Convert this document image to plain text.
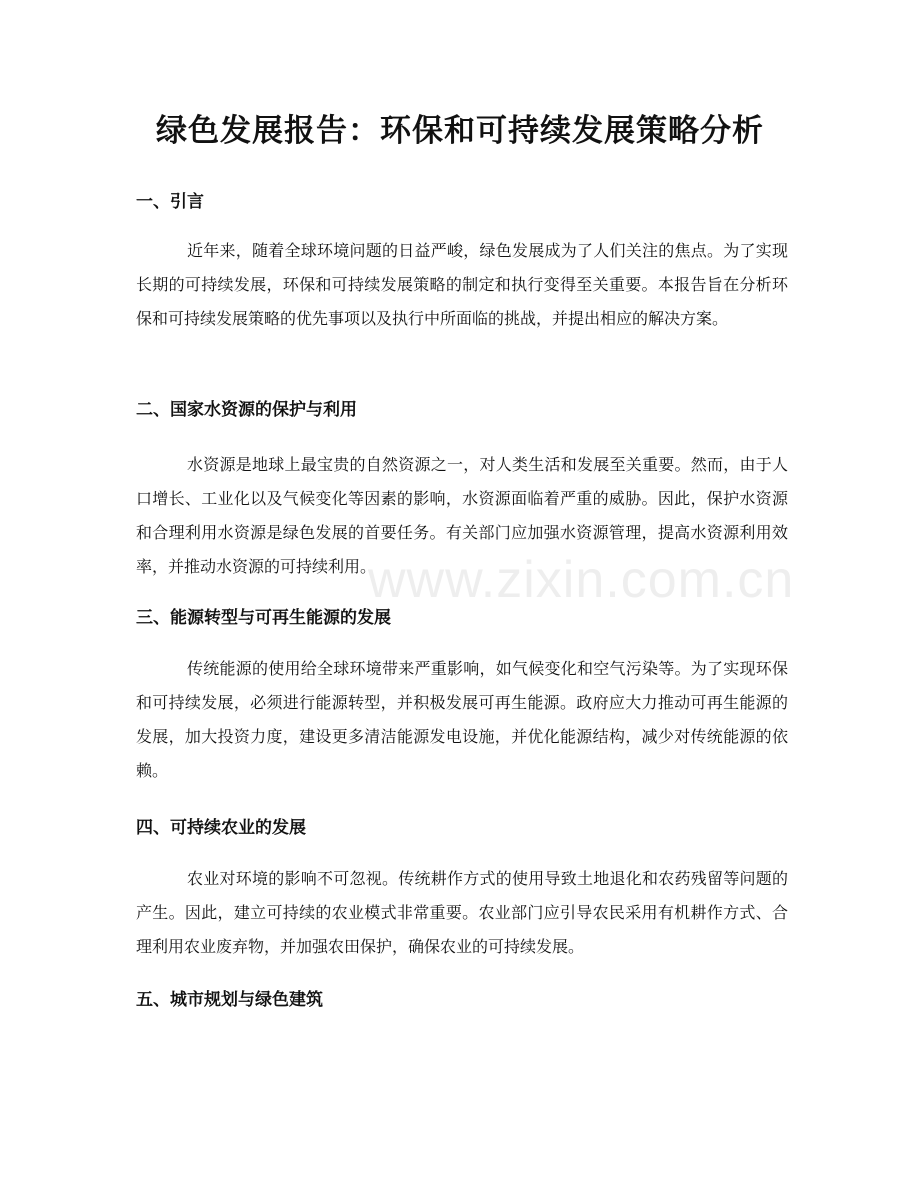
绿色发展报告：环保和可持续发展策略分析
一、引言

近年来，随着全球环境问题的日益严峻，绿色发展成为了人们关注的焦点。为了实现长期的可持续发展，环保和可持续发展策略的制定和执行变得至关重要。本报告旨在分析环保和可持续发展策略的优先事项以及执行中所面临的挑战，并提出相应的解决方案。

二、国家水资源的保护与利用

水资源是地球上最宝贵的自然资源之一，对人类生活和发展至关重要。然而，由于人口增长、工业化以及气候变化等因素的影响，水资源面临着严重的威胁。因此，保护水资源和合理利用水资源是绿色发展的首要任务。有关部门应加强水资源管理，提高水资源利用效率，并推动水资源的可持续利用。

三、能源转型与可再生能源的发展

传统能源的使用给全球环境带来严重影响，如气候变化和空气污染等。为了实现环保和可持续发展，必须进行能源转型，并积极发展可再生能源。政府应大力推动可再生能源的发展，加大投资力度，建设更多清洁能源发电设施，并优化能源结构，减少对传统能源的依赖。

四、可持续农业的发展

农业对环境的影响不可忽视。传统耕作方式的使用导致土地退化和农药残留等问题的产生。因此，建立可持续的农业模式非常重要。农业部门应引导农民采用有机耕作方式、合理利用农业废弃物，并加强农田保护，确保农业的可持续发展。

五、城市规划与绿色建筑
www.zixin.com.cn
